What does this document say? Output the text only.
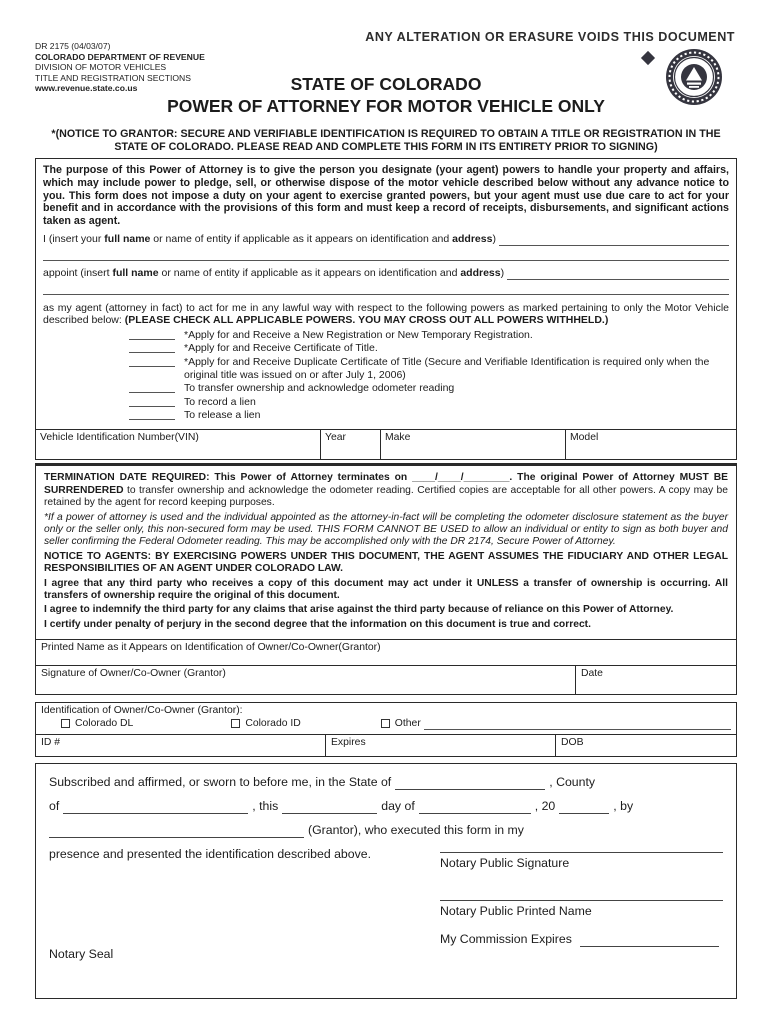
ANY ALTERATION OR ERASURE VOIDS THIS DOCUMENT
DR 2175 (04/03/07)
COLORADO DEPARTMENT OF REVENUE
DIVISION OF MOTOR VEHICLES
TITLE AND REGISTRATION SECTIONS
www.revenue.state.co.us	STATE OF COLORADO
POWER OF ATTORNEY FOR MOTOR VEHICLE ONLY
*(NOTICE TO GRANTOR: SECURE AND VERIFIABLE IDENTIFICATION IS REQUIRED TO OBTAIN A TITLE OR REGISTRATION IN THE STATE OF COLORADO. PLEASE READ AND COMPLETE THIS FORM IN ITS ENTIRETY PRIOR TO SIGNING)

The purpose of this Power of Attorney is to give the person you designate (your agent) powers to handle your property and affairs, which may include power to pledge, sell, or otherwise dispose of the motor vehicle described below without any advance notice to you. This form does not impose a duty on your agent to exercise granted powers, but your agent must use due care to act for your benefit and in accordance with the provisions of this form and must keep a record of receipts, disbursements, and significant actions taken as agent.

I (insert your full name or name of entity if applicable as it appears on identification and address)
appoint (insert full name or name of entity if applicable as it appears on identification and address)

as my agent (attorney in fact) to act for me in any lawful way with respect to the following powers as marked pertaining to only the Motor Vehicle described below: (PLEASE CHECK ALL APPLICABLE POWERS. YOU MAY CROSS OUT ALL POWERS WITHHELD.)

*Apply for and Receive a New Registration or New Temporary Registration.
*Apply for and Receive Certificate of Title.
*Apply for and Receive Duplicate Certificate of Title (Secure and Verifiable Identification is required only when the original title was issued on or after July 1, 2006)
To transfer ownership and acknowledge odometer reading
To record a lien
To release a lien
Vehicle Identification Number(VIN)	Year	Make	Model

TERMINATION DATE REQUIRED: This Power of Attorney terminates on ____/____/________. The original Power of Attorney MUST BE SURRENDERED to transfer ownership and acknowledge the odometer reading. Certified copies are acceptable for all other powers. A copy may be retained by the agent for record keeping purposes.

*If a power of attorney is used and the individual appointed as the attorney-in-fact will be completing the odometer disclosure statement as the buyer only or the seller only, this non-secured form may be used. THIS FORM CANNOT BE USED to allow an individual or entity to sign as both buyer and seller confirming the Federal Odometer reading. This may be accomplished only with the DR 2174, Secure Power of Attorney.

NOTICE TO AGENTS: BY EXERCISING POWERS UNDER THIS DOCUMENT, THE AGENT ASSUMES THE FIDUCIARY AND OTHER LEGAL RESPONSIBILITIES OF AN AGENT UNDER COLORADO LAW.

I agree that any third party who receives a copy of this document may act under it UNLESS a transfer of ownership is occurring. All transfers of ownership require the original of this document.

I agree to indemnify the third party for any claims that arise against the third party because of reliance on this Power of Attorney.

I certify under penalty of perjury in the second degree that the information on this document is true and correct.

Printed Name as it Appears on Identification of Owner/Co-Owner(Grantor)
Signature of Owner/Co-Owner (Grantor)	Date
Identification of Owner/Co-Owner (Grantor):
Colorado DL	Colorado ID	Other
ID #	Expires	DOB
Subscribed and affirmed, or sworn to before me, in the State of	, County
of	, this	day of	, 20	, by
(Grantor), who executed this form in my
presence and presented the identification described above.
Notary Public Signature
Notary Public Printed Name
My Commission Expires
Notary Seal
